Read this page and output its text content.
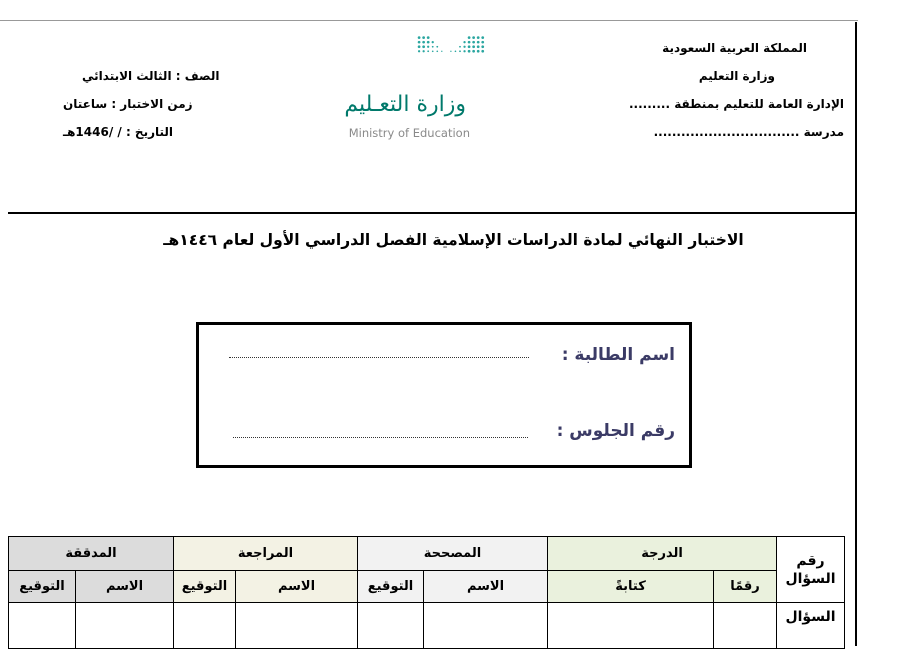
المملكة العربية السعودية
وزارة التعليم
الإدارة العامة للتعليم بمنطقة .........
مدرسة ................................
الصف : الثالث الابتدائي
زمن الاختبار : ساعتان
التاريخ : / /1446هـ
وزارة التعـليم
Ministry of Education
الاختبار النهائي لمادة الدراسات الإسلامية الفصل الدراسي الأول لعام ١٤٤٦هـ
اسم الطالبة :
رقم الجلوس :
رقم السؤال	الدرجة		المصححة		المراجعة		المدققة	
	رقمًا	كتابةً	الاسم	التوقيع	الاسم	التوقيع	الاسم	التوقيع
السؤال								
